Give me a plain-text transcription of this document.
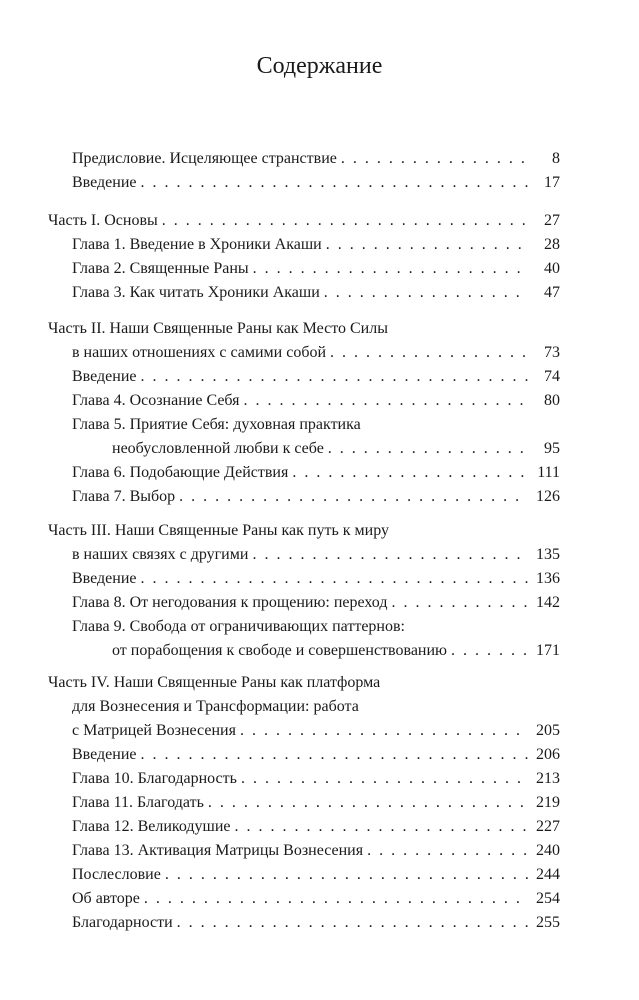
Содержание
Предисловие. Исцеляющее странствие . . .	8
Введение . . .	17
Часть I. Основы . . .	27
Глава 1. Введение в Хроники Акаши . . .	28
Глава 2. Священные Раны . . .	40
Глава 3. Как читать Хроники Акаши . . .	47
Часть II. Наши Священные Раны как Место Силы
в наших отношениях с самими собой . . .	73
Введение . . .	74
Глава 4. Осознание Себя . . .	80
Глава 5. Приятие Себя: духовная практика
необусловленной любви к себе . . .	95
Глава 6. Подобающие Действия . . .	111
Глава 7. Выбор . . .	126
Часть III. Наши Священные Раны как путь к миру
в наших связях с другими . . .	135
Введение . . .	136
Глава 8. От негодования к прощению: переход . . .	142
Глава 9. Свобода от ограничивающих паттернов:
от порабощения к свободе и совершенствованию . . .	171
Часть IV. Наши Священные Раны как платформа
для Вознесения и Трансформации: работа
с Матрицей Вознесения . . .	205
Введение . . .	206
Глава 10. Благодарность . . .	213
Глава 11. Благодать . . .	219
Глава 12. Великодушие . . .	227
Глава 13. Активация Матрицы Вознесения . . .	240
Послесловие . . .	244
Об авторе . . .	254
Благодарности . . .	255
